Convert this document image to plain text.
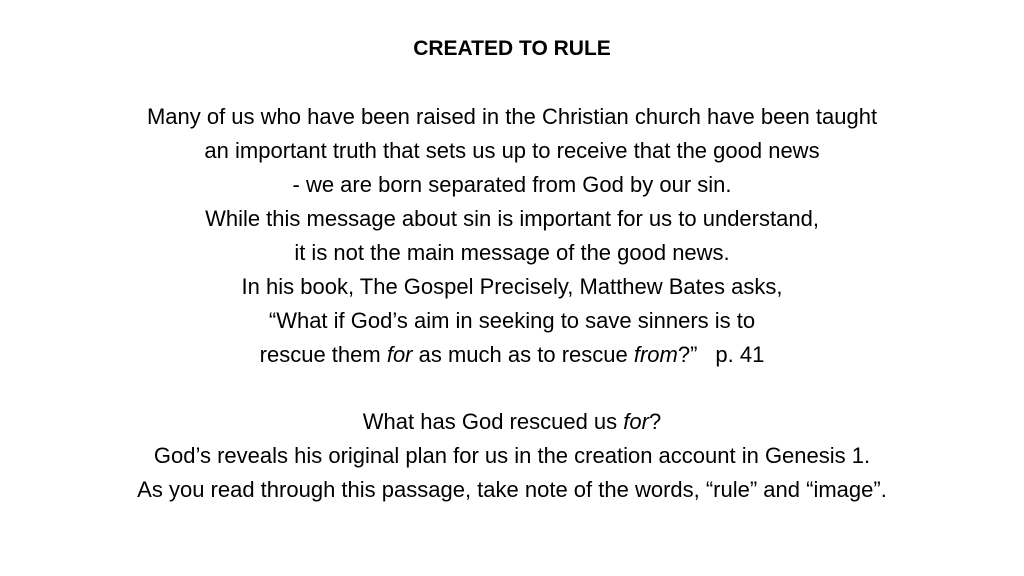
CREATED TO RULE
Many of us who have been raised in the Christian church have been taught
an important truth that sets us up to receive that the good news
- we are born separated from God by our sin.
While this message about sin is important for us to understand,
it is not the main message of the good news.
In his book, The Gospel Precisely, Matthew Bates asks,
“What if God’s aim in seeking to save sinners is to
rescue them for as much as to rescue from?” p. 41
What has God rescued us for?
God’s reveals his original plan for us in the creation account in Genesis 1.
As you read through this passage, take note of the words, “rule” and “image”.
